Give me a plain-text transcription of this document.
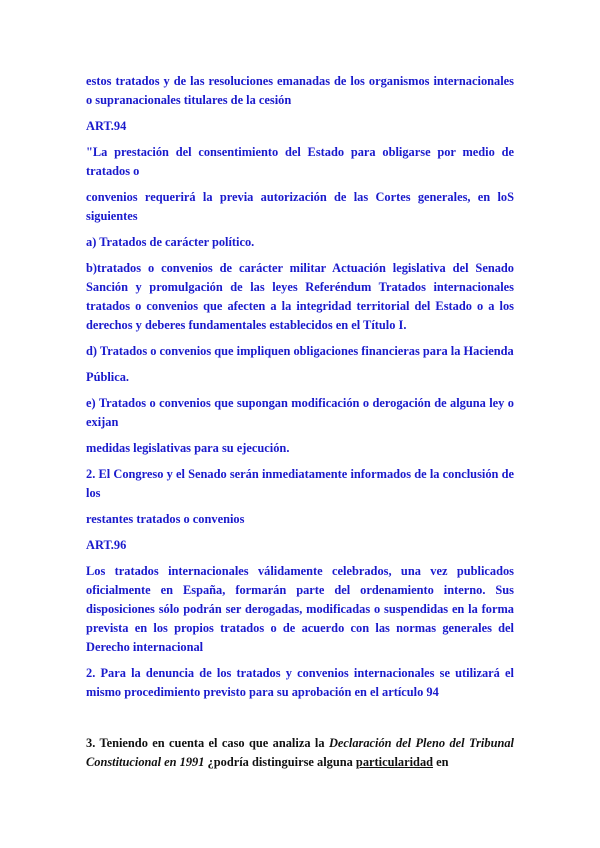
estos tratados y de las resoluciones emanadas de los organismos internacionales o supranacionales titulares de la cesión

ART.94

"La prestación del consentimiento del Estado para obligarse por medio de tratados o

convenios requerirá la previa autorización de las Cortes generales, en loS siguientes

a) Tratados de carácter político.

b)tratados o convenios de carácter militar Actuación legislativa del Senado Sanción y promulgación de las leyes Referéndum Tratados internacionales tratados o convenios que afecten a la integridad territorial del Estado o a los derechos y deberes fundamentales establecidos en el Título I.

d) Tratados o convenios que impliquen obligaciones financieras para la Hacienda

Pública.

e) Tratados o convenios que supongan modificación o derogación de alguna ley o exijan

medidas legislativas para su ejecución.

2. El Congreso y el Senado serán inmediatamente informados de la conclusión de los

restantes tratados o convenios

ART.96

Los tratados internacionales válidamente celebrados, una vez publicados oficialmente en España, formarán parte del ordenamiento interno. Sus disposiciones sólo podrán ser derogadas, modificadas o suspendidas en la forma prevista en los propios tratados o de acuerdo con las normas generales del Derecho internacional

2. Para la denuncia de los tratados y convenios internacionales se utilizará el mismo procedimiento previsto para su aprobación en el artículo 94

3. Teniendo en cuenta el caso que analiza la Declaración del Pleno del Tribunal Constitucional en 1991 ¿podría distinguirse alguna particularidad en
